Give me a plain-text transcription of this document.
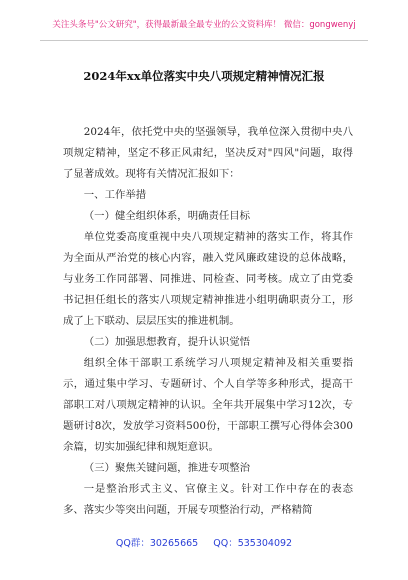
关注头条号"公文研究"，获得最新最全最专业的公文资料库！ 微信：gongwenyj
2024年xx单位落实中央八项规定精神情况汇报

2024年，依托党中央的坚强领导，我单位深入贯彻中央八项规定精神，坚定不移正风肃纪，坚决反对"四风"问题，取得了显著成效。现将有关情况汇报如下：

一、工作举措

（一）健全组织体系，明确责任目标

单位党委高度重视中央八项规定精神的落实工作，将其作为全面从严治党的核心内容，融入党风廉政建设的总体战略，与业务工作同部署、同推进、同检查、同考核。成立了由党委书记担任组长的落实八项规定精神推进小组明确职责分工，形成了上下联动、层层压实的推进机制。

（二）加强思想教育，提升认识觉悟

组织全体干部职工系统学习八项规定精神及相关重要指示，通过集中学习、专题研讨、个人自学等多种形式，提高干部职工对八项规定精神的认识。全年共开展集中学习12次，专题研讨8次，发放学习资料500份，干部职工撰写心得体会300余篇，切实加强纪律和规矩意识。

（三）聚焦关键问题，推进专项整治

一是整治形式主义、官僚主义。针对工作中存在的表态多、落实少等突出问题，开展专项整治行动，严格精简

QQ群：30265665 QQ：535304092
